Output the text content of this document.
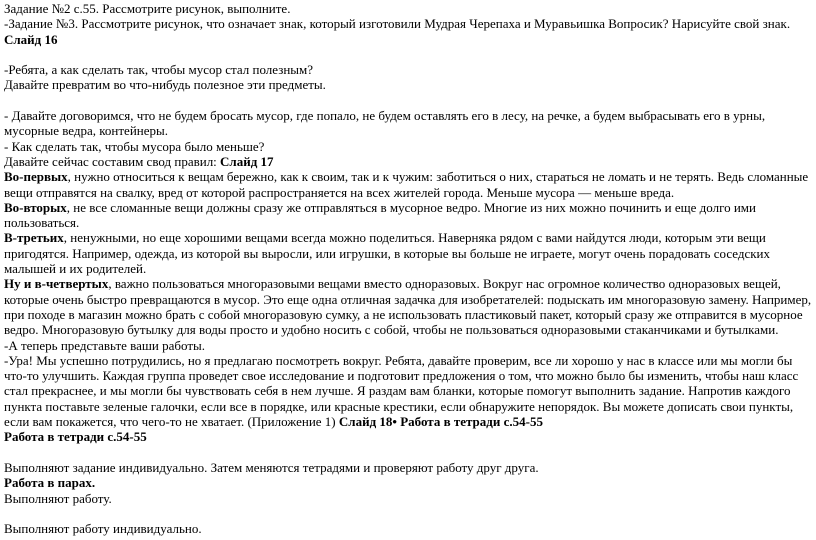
Задание №2 с.55. Рассмотрите рисунок, выполните.
-Задание №3. Рассмотрите рисунок, что означает знак, который изготовили Мудрая Черепаха и Муравьишка Вопросик? Нарисуйте свой знак. Слайд 16
-Ребята, а как сделать так, чтобы мусор стал полезным?
Давайте превратим во что-нибудь полезное эти предметы.
- Давайте договоримся, что не будем бросать мусор, где попало, не будем оставлять его в лесу, на речке, а будем выбрасывать его в урны, мусорные ведра, контейнеры.
- Как сделать так, чтобы мусора было меньше?
Давайте сейчас составим свод правил: Слайд 17
Во-первых, нужно относиться к вещам бережно, как к своим, так и к чужим: заботиться о них, стараться не ломать и не терять. Ведь сломанные вещи отправятся на свалку, вред от которой распространяется на всех жителей города. Меньше мусора — меньше вреда.
Во-вторых, не все сломанные вещи должны сразу же отправляться в мусорное ведро. Многие из них можно починить и еще долго ими пользоваться.
В-третьих, ненужными, но еще хорошими вещами всегда можно поделиться. Наверняка рядом с вами найдутся люди, которым эти вещи пригодятся. Например, одежда, из которой вы выросли, или игрушки, в которые вы больше не играете, могут очень порадовать соседских малышей и их родителей.
Ну и в-четвертых, важно пользоваться многоразовыми вещами вместо одноразовых. Вокруг нас огромное количество одноразовых вещей, которые очень быстро превращаются в мусор. Это еще одна отличная задачка для изобретателей: подыскать им многоразовую замену. Например, при походе в магазин можно брать с собой многоразовую сумку, а не использовать пластиковый пакет, который сразу же отправится в мусорное ведро. Многоразовую бутылку для воды просто и удобно носить с собой, чтобы не пользоваться одноразовыми стаканчиками и бутылками.
-А теперь представьте ваши работы.
-Ура! Мы успешно потрудились, но я предлагаю посмотреть вокруг. Ребята, давайте проверим, все ли хорошо у нас в классе или мы могли бы что-то улучшить. Каждая группа проведет свое исследование и подготовит предложения о том, что можно было бы изменить, чтобы наш класс стал прекраснее, и мы могли бы чувствовать себя в нем лучше. Я раздам вам бланки, которые помогут выполнить задание. Напротив каждого пункта поставьте зеленые галочки, если все в порядке, или красные крестики, если обнаружите непорядок. Вы можете дописать свои пункты, если вам покажется, что чего-то не хватает. (Приложение 1) Слайд 18• Работа в тетради с.54-55
Работа в тетради с.54-55
Выполняют задание индивидуально. Затем меняются тетрадями и проверяют работу друг друга.
Работа в парах.
Выполняют работу.
Выполняют работу индивидуально.
